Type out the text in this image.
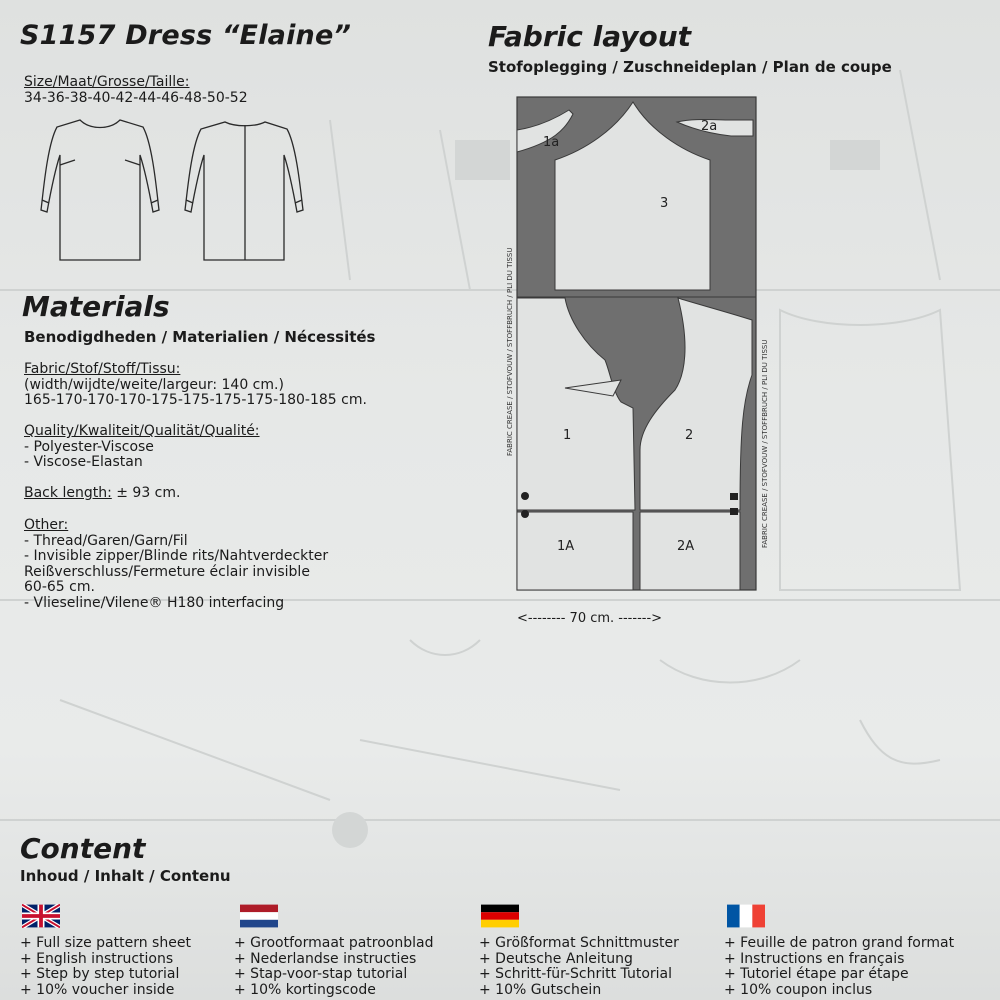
S1157 Dress “Elaine”
Size/Maat/Grosse/Taille:
34-36-38-40-42-44-46-48-50-52
Materials
Benodigdheden / Materialien / Nécessités
Fabric/Stof/Stoff/Tissu:
(width/wijdte/weite/largeur: 140 cm.)
165-170-170-170-175-175-175-175-180-185 cm.
Quality/Kwaliteit/Qualität/Qualité:
- Polyester-Viscose
- Viscose-Elastan
Back length: ± 93 cm.
Other:
- Thread/Garen/Garn/Fil
- Invisible zipper/Blinde rits/Nahtverdeckter
Reißverschluss/Fermeture éclair invisible
60-65 cm.
- Vlieseline/Vilene® H180 interfacing
Fabric layout
Stofoplegging / Zuschneideplan / Plan de coupe
1a
2a
3
1	2
1A	2A
FABRIC CREASE / STOFVOUW / STOFFBRUCH / PLI DU TISSU	FABRIC CREASE / STOFVOUW / STOFFBRUCH / PLI DU TISSU
<-------- 70 cm. ------->
Content
Inhoud / Inhalt / Contenu
+ Full size pattern sheet
+ English instructions
+ Step by step tutorial
+ 10% voucher inside
+ Grootformaat patroonblad
+ Nederlandse instructies
+ Stap-voor-stap tutorial
+ 10% kortingscode
+ Größformat Schnittmuster
+ Deutsche Anleitung
+ Schritt-für-Schritt Tutorial
+ 10% Gutschein
+ Feuille de patron grand format
+ Instructions en français
+ Tutoriel étape par étape
+ 10% coupon inclus
